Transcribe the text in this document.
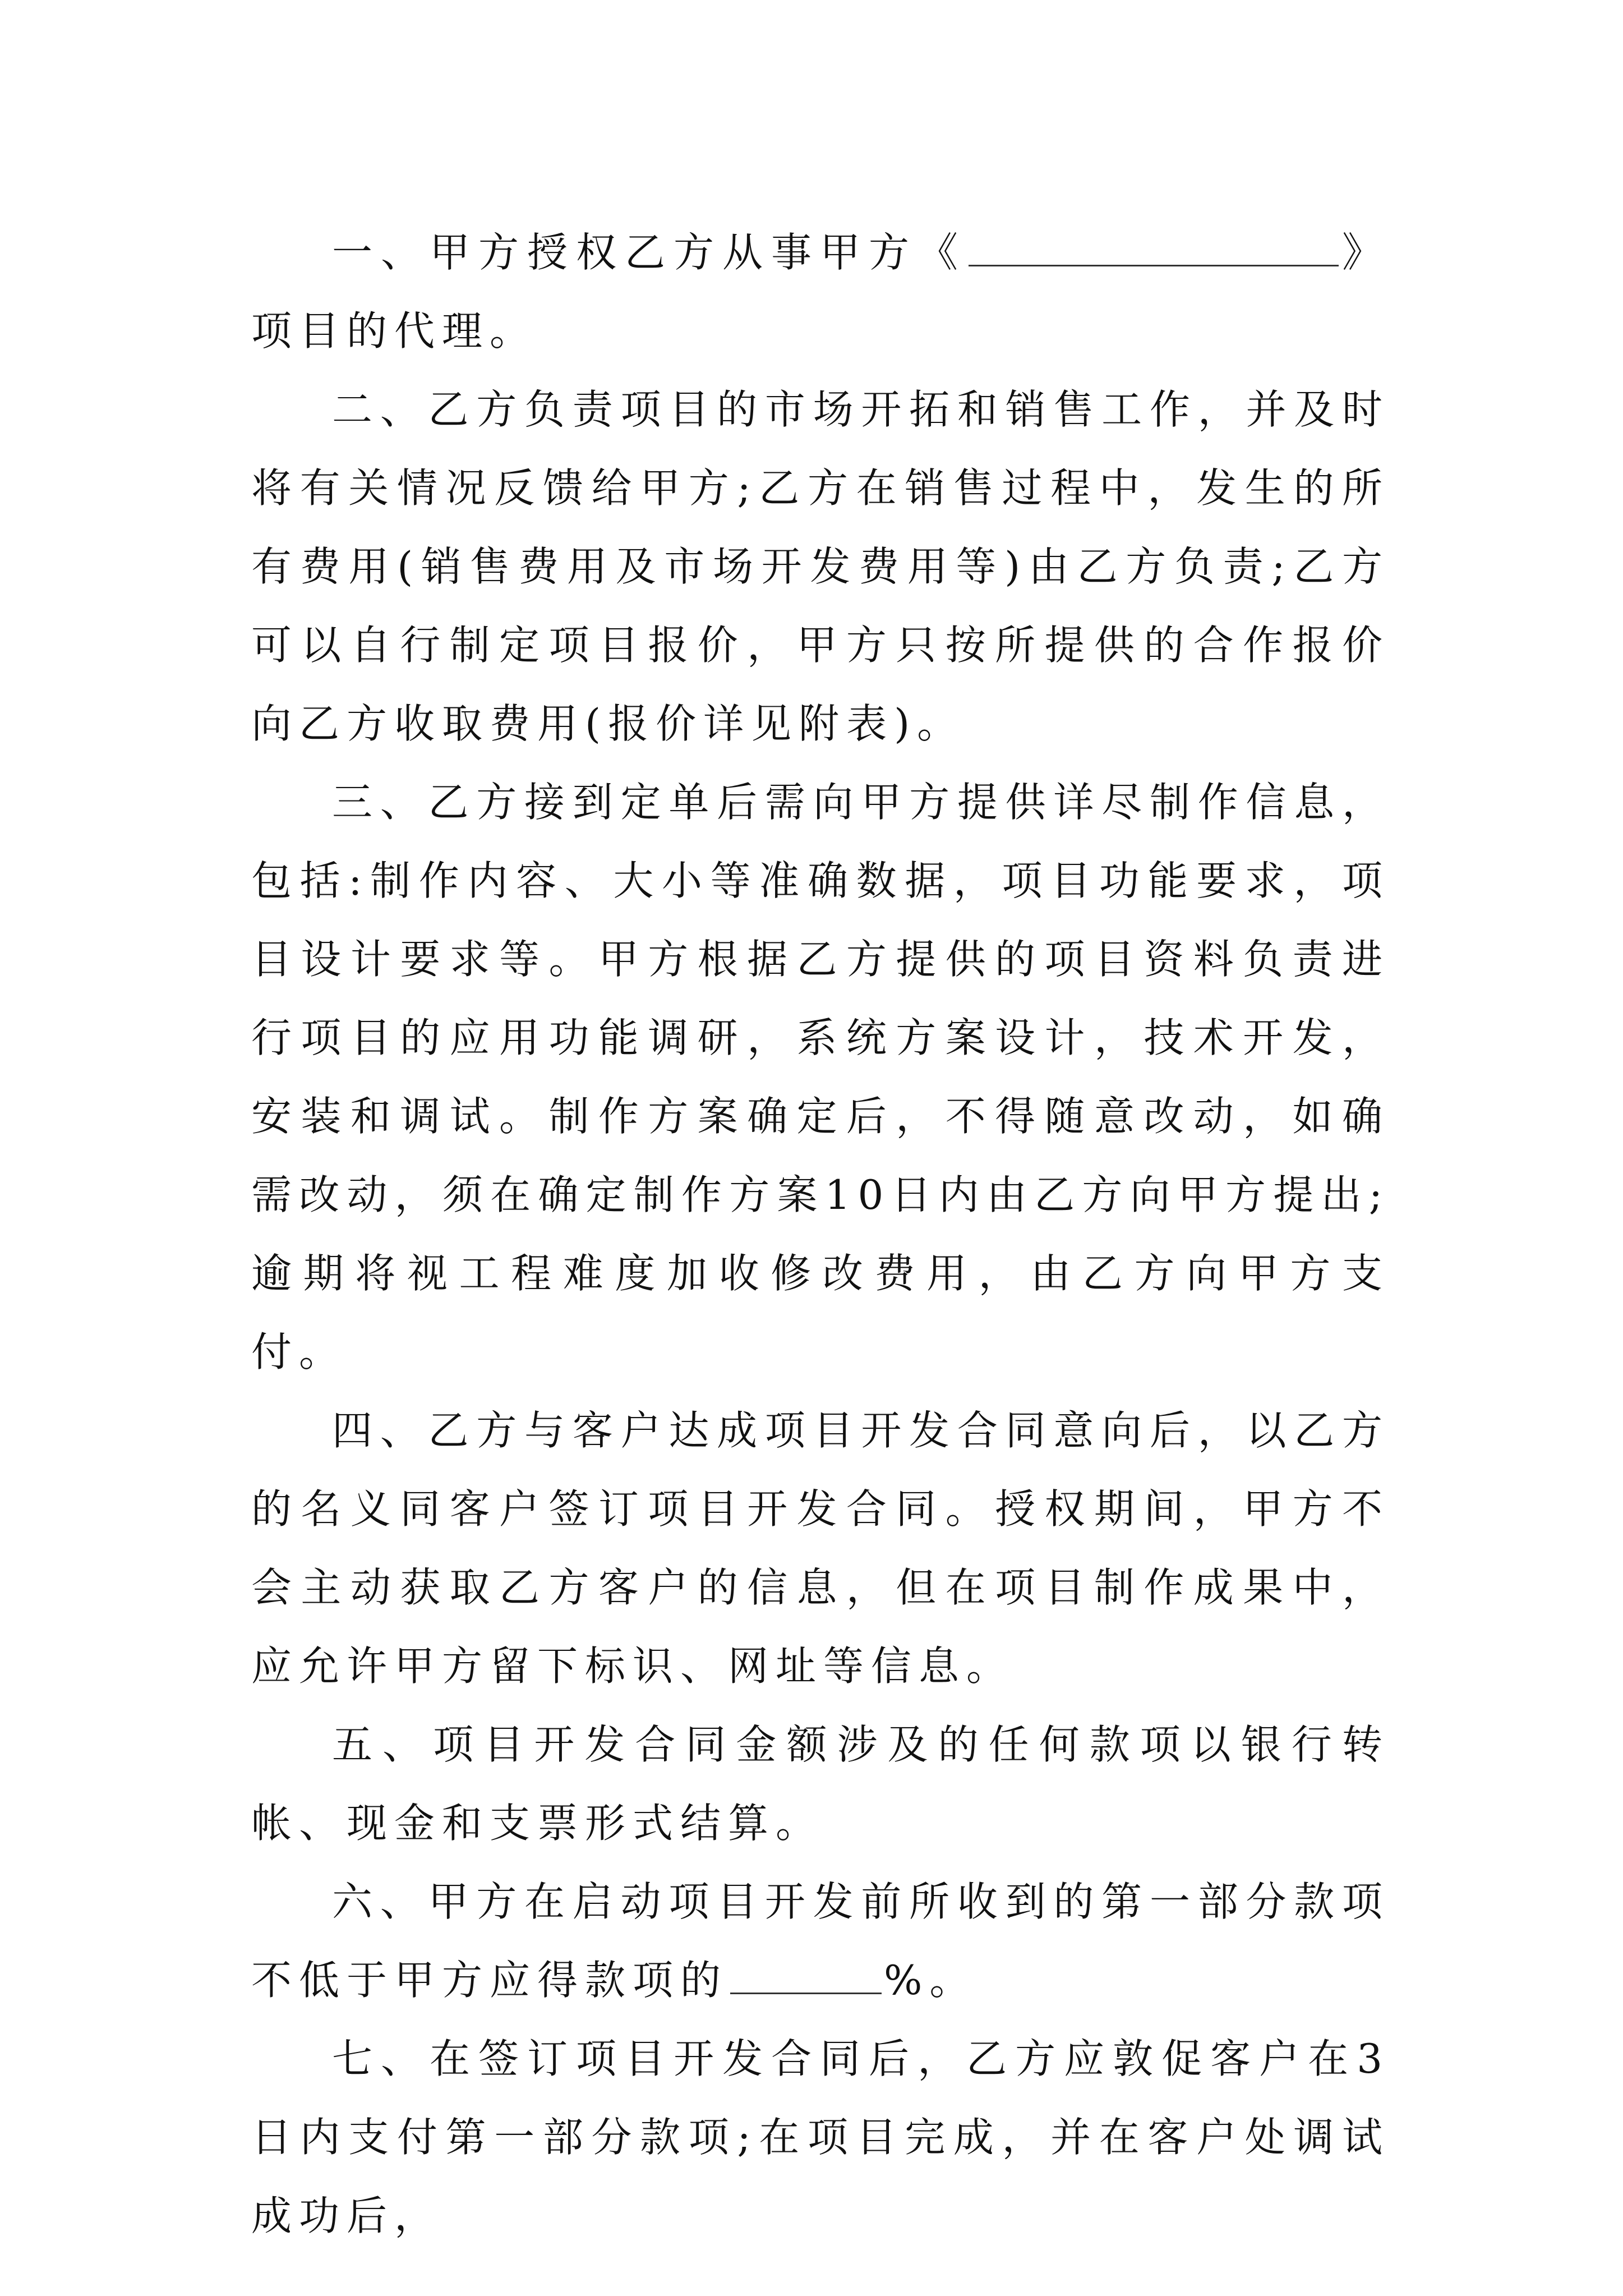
一、甲方授权乙方从事甲方《	》项目的代理。

二、乙方负责项目的市场开拓和销售工作，并及时将有关情况反馈给甲方;乙方在销售过程中，发生的所有费用(销售费用及市场开发费用等)由乙方负责;乙方可以自行制定项目报价，甲方只按所提供的合作报价向乙方收取费用(报价详见附表)。

三、乙方接到定单后需向甲方提供详尽制作信息，包括:制作内容、大小等准确数据，项目功能要求，项目设计要求等。甲方根据乙方提供的项目资料负责进行项目的应用功能调研，系统方案设计，技术开发，安装和调试。制作方案确定后，不得随意改动，如确需改动，须在确定制作方案10日内由乙方向甲方提出;逾期将视工程难度加收修改费用，由乙方向甲方支付。

四、乙方与客户达成项目开发合同意向后，以乙方的名义同客户签订项目开发合同。授权期间，甲方不会主动获取乙方客户的信息，但在项目制作成果中，应允许甲方留下标识、网址等信息。

五、项目开发合同金额涉及的任何款项以银行转帐、现金和支票形式结算。

六、甲方在启动项目开发前所收到的第一部分款项不低于甲方应得款项的	%。

七、在签订项目开发合同后，乙方应敦促客户在3日内支付第一部分款项;在项目完成，并在客户处调试成功后，
